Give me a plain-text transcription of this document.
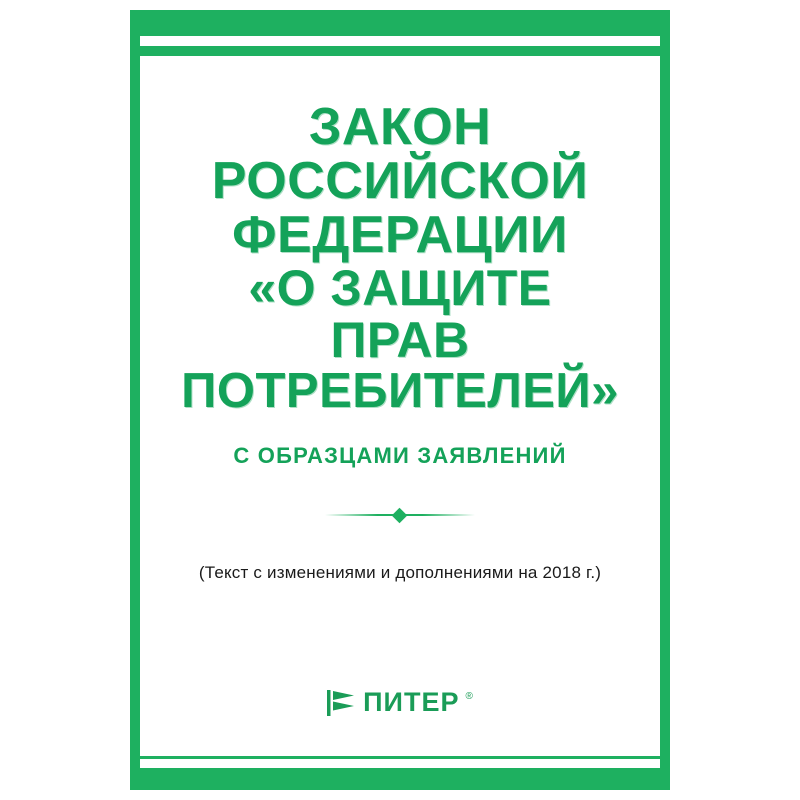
ЗАКОН
РОССИЙСКОЙ
ФЕДЕРАЦИИ
«О ЗАЩИТЕ
ПРАВ
ПОТРЕБИТЕЛЕЙ»
С ОБРАЗЦАМИ ЗАЯВЛЕНИЙ
(Текст с изменениями и дополнениями на 2018 г.)
ПИТЕР ®
